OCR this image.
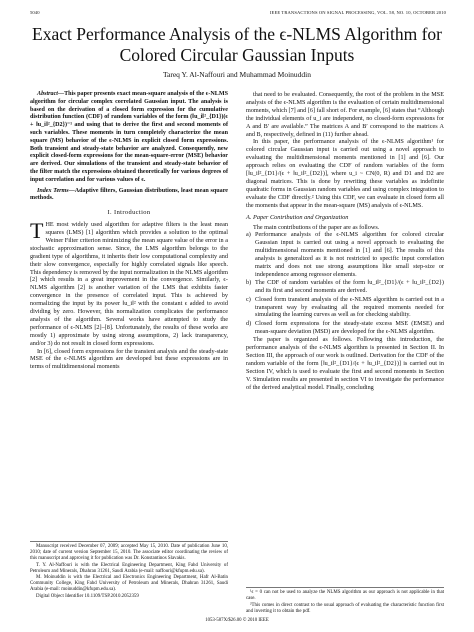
5040	IEEE TRANSACTIONS ON SIGNAL PROCESSING, VOL. 58, NO. 10, OCTOBER 2010
Exact Performance Analysis of the ϵ-NLMS Algorithm for Colored Circular Gaussian Inputs
Tareq Y. Al-Naffouri and Muhammad Moinuddin

Abstract—This paper presents exact mean-square analysis of the ϵ-NLMS algorithm for circular complex correlated Gaussian input. The analysis is based on the derivation of a closed form expression for the cumulative distribution function (CDF) of random variables of the form (‖u_i‖²_{D1})(ϵ + ‖u_i‖²_{D2})⁻¹ and using that to derive the first and second moments of such variables. These moments in turn completely characterize the mean square (MS) behavior of the ϵ-NLMS in explicit closed form expressions. Both transient and steady-state behavior are analyzed. Consequently, new explicit closed-form expressions for the mean-square-error (MSE) behavior are derived. Our simulations of the transient and steady-state behavior of the filter match the expressions obtained theoretically for various degrees of input correlation and for various values of ϵ.

Index Terms—Adaptive filters, Gaussian distributions, least mean square methods.

I. Introduction

THE most widely used algorithm for adaptive filters is the least mean squares (LMS) [1] algorithm which provides a solution to the optimal Weiner Filter criterion minimizing the mean square value of the error in a stochastic approximation sense. Since, the LMS algorithm belongs to the gradient type of algorithms, it inherits their low computational complexity and their slow convergence, especially for highly correlated signals like speech. This dependency is removed by the input normalization in the NLMS algorithm [2] which results in a great improvement in the convergence. Similarly, ϵ-NLMS algorithm [2] is another variation of the LMS that exhibits faster convergence in the presence of correlated input. This is achieved by normalizing the input by its power ‖u_i‖² with the constant ϵ added to avoid dividing by zero. However, this normalization complicates the performance analysis of the algorithm. Several works have attempted to study the performance of ϵ-NLMS [2]–[8]. Unfortunately, the results of these works are mostly 1) approximate by using strong assumptions, 2) lack transparency, and/or 3) do not result in closed form expressions.

In [6], closed form expressions for the transient analysis and the steady-state MSE of the ϵ-NLMS algorithm are developed but these expressions are in terms of multidimensional moments

Manuscript received December 07, 2009; accepted May 15, 2010. Date of publication June 10, 2010; date of current version September 15, 2010. The associate editor coordinating the review of this manuscript and approving it for publication was Dr. Konstantinos Slavakis.

T. Y. Al-Naffouri is with the Electrical Engineering Department, King Fahd University of Petroleum and Minerals, Dhahran 31261, Saudi Arabia (e-mail: naffouri@kfupm.edu.sa).

M. Moinuddin is with the Electrical and Electronics Engineering Department, Hafr Al-Batin Community College, King Fahd University of Petroleum and Minerals, Dhahran 31261, Saudi Arabia (e-mail: moinuddin@kfupm.edu.sa).

Digital Object Identifier 10.1109/TSP.2010.2052359

that need to be evaluated. Consequently, the root of the problem in the MSE analysis of the ϵ-NLMS algorithm is the evaluation of certain multidimensional moments, which [7] and [6] fall short of. For example, [6] states that “Although the individual elements of u_i are independent, no closed-form expressions for A and B′ are available.” The matrices A and B′ correspond to the matrices A and B, respectively, defined in (11) further ahead.

In this paper, the performance analysis of the ϵ-NLMS algorithm¹ for colored circular Gaussian input is carried out using a novel approach to evaluating the multidimensional moments mentioned in [1] and [6]. Our approach relies on evaluating the CDF of random variables of the form [‖u_i‖²_{D1}/(ϵ + ‖u_i‖²_{D2})], where u_i ~ CN(0, R) and D1 and D2 are diagonal matrices. This is done by rewriting these variables as indefinite quadratic forms in Gaussian random variables and using complex integration to evaluate the CDF directly.² Using this CDF, we can evaluate in closed form all the moments that appear in the mean-square (MS) analysis of ϵ-NLMS.

A. Paper Contribution and Organization

The main contributions of the paper are as follows.

a) Performance analysis of the ϵ-NLMS algorithm for colored circular Gaussian input is carried out using a novel approach to evaluating the multidimensional moments mentioned in [1] and [6]. The results of this analysis is generalized as it is not restricted to specific input correlation matrix and does not use strong assumptions like small step-size or independence among regressor elements.
b) The CDF of random variables of the form ‖u_i‖²_{D1}/(ϵ + ‖u_i‖²_{D2}) and its first and second moments are derived.
c) Closed form transient analysis of the ϵ-NLMS algorithm is carried out in a transparent way by evaluating all the required moments needed for simulating the learning curves as well as for checking stability.
d) Closed form expressions for the steady-state excess MSE (EMSE) and mean-square deviation (MSD) are developed for the ϵ-NLMS algorithm.

The paper is organized as follows. Following this introduction, the performance analysis of the ϵ-NLMS algorithm is presented in Section II. In Section III, the approach of our work is outlined. Derivation for the CDF of the random variable of the form [‖u_i‖²_{D1}/(ϵ + ‖u_i‖²_{D2})] is carried out in Section IV, which is used to evaluate the first and second moments in Section V. Simulation results are presented in section VI to investigate the performance of the derived analytical model. Finally, concluding

¹ϵ = 0 can not be used to analyze the NLMS algorithm as our approach is not applicable in that case.

²This comes in direct contrast to the usual approach of evaluating the characteristic function first and inverting it to obtain the pdf.

1053-587X/$26.00 © 2010 IEEE
